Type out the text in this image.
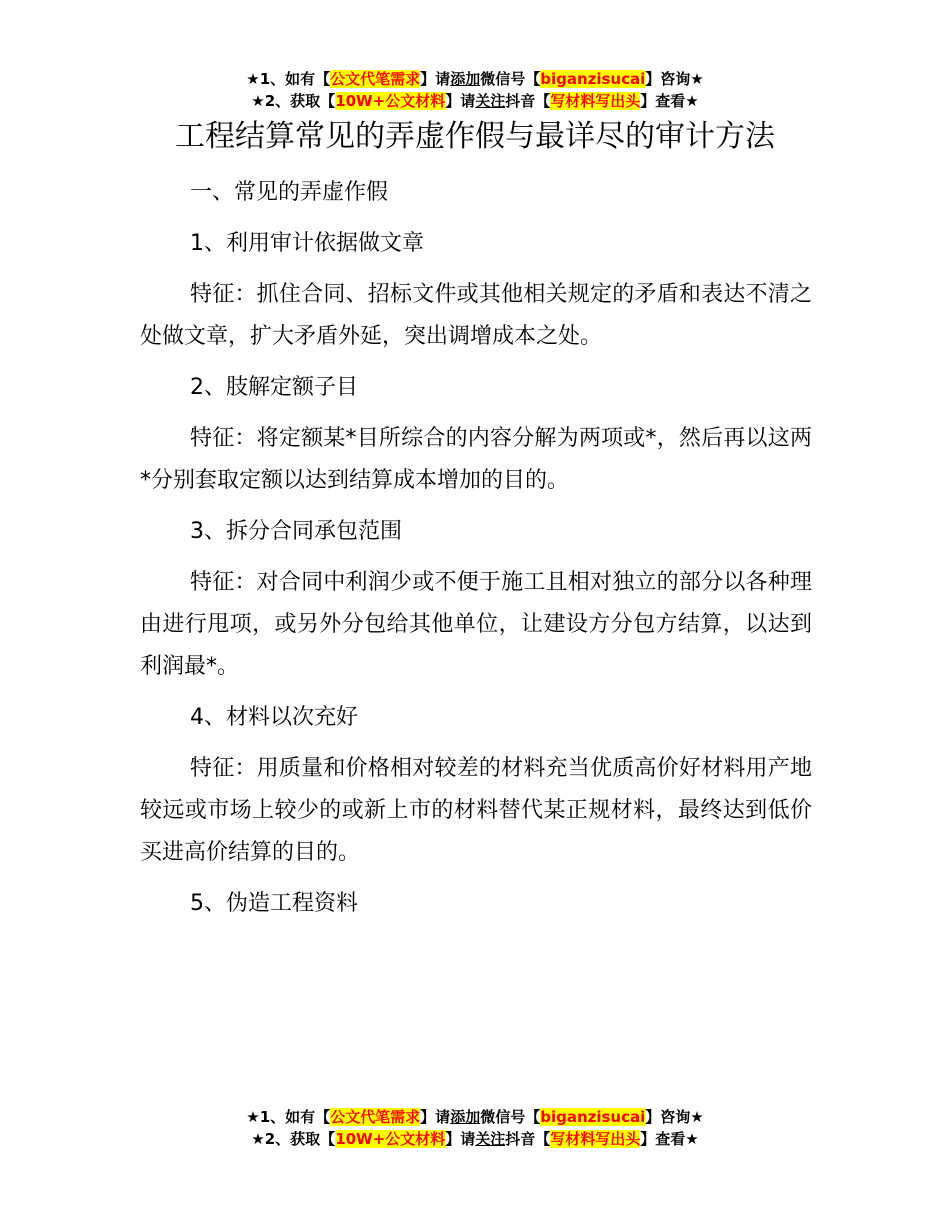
★1、如有【公文代笔需求】请添加微信号【biganzisucai】咨询★
★2、获取【10W+公文材料】请关注抖音【写材料写出头】查看★
工程结算常见的弄虚作假与最详尽的审计方法

一、常见的弄虚作假

1、利用审计依据做文章

特征：抓住合同、招标文件或其他相关规定的矛盾和表达不清之处做文章，扩大矛盾外延，突出调增成本之处。

2、肢解定额子目

特征：将定额某*目所综合的内容分解为两项或*，然后再以这两*分别套取定额以达到结算成本增加的目的。

3、拆分合同承包范围

特征：对合同中利润少或不便于施工且相对独立的部分以各种理由进行甩项，或另外分包给其他单位，让建设方分包方结算，以达到利润最*。

4、材料以次充好

特征：用质量和价格相对较差的材料充当优质高价好材料用产地较远或市场上较少的或新上市的材料替代某正规材料，最终达到低价买进高价结算的目的。

5、伪造工程资料

★1、如有【公文代笔需求】请添加微信号【biganzisucai】咨询★
★2、获取【10W+公文材料】请关注抖音【写材料写出头】查看★
